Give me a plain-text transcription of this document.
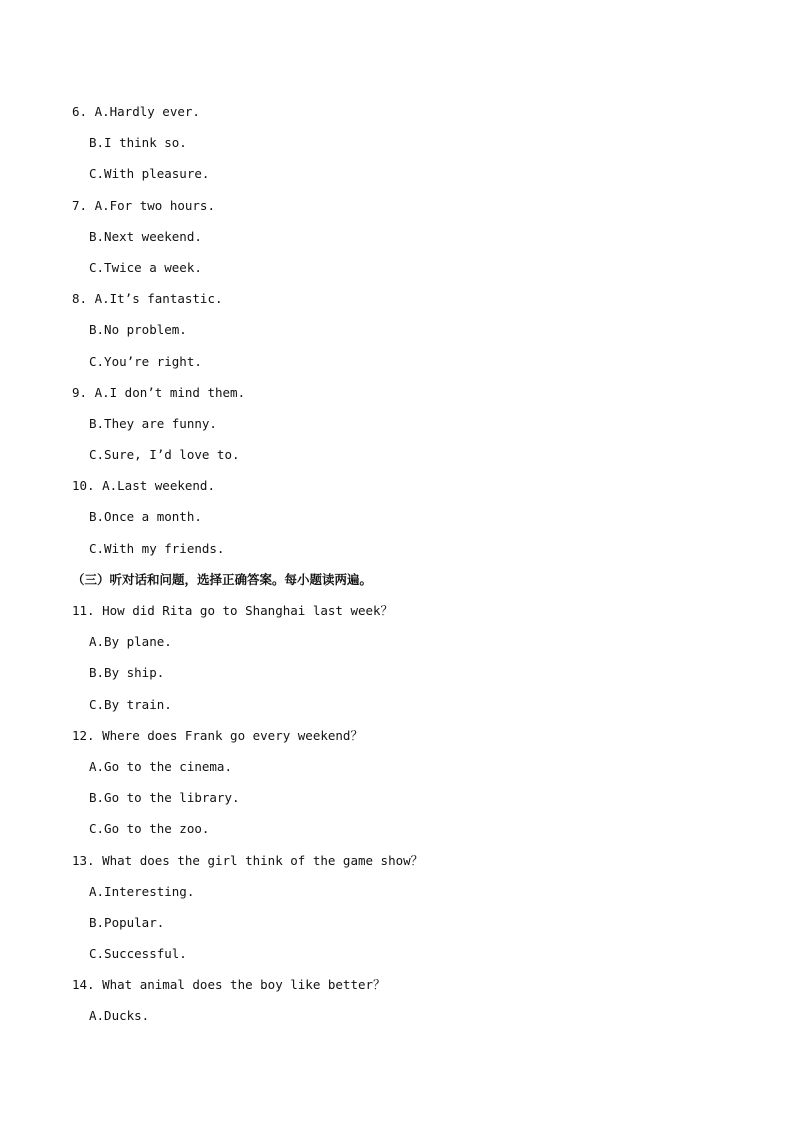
6. A.Hardly ever.
B.I think so.
C.With pleasure.
7. A.For two hours.
B.Next weekend.
C.Twice a week.
8. A.It’s fantastic.
B.No problem.
C.You’re right.
9. A.I don’t mind them.
B.They are funny.
C.Sure, I’d love to.
10. A.Last weekend.
B.Once a month.
C.With my friends.
（三）听对话和问题，选择正确答案。每小题读两遍。
11. How did Rita go to Shanghai last week？
A.By plane.
B.By ship.
C.By train.
12. Where does Frank go every weekend？
A.Go to the cinema.
B.Go to the library.
C.Go to the zoo.
13. What does the girl think of the game show？
A.Interesting.
B.Popular.
C.Successful.
14. What animal does the boy like better？
A.Ducks.
